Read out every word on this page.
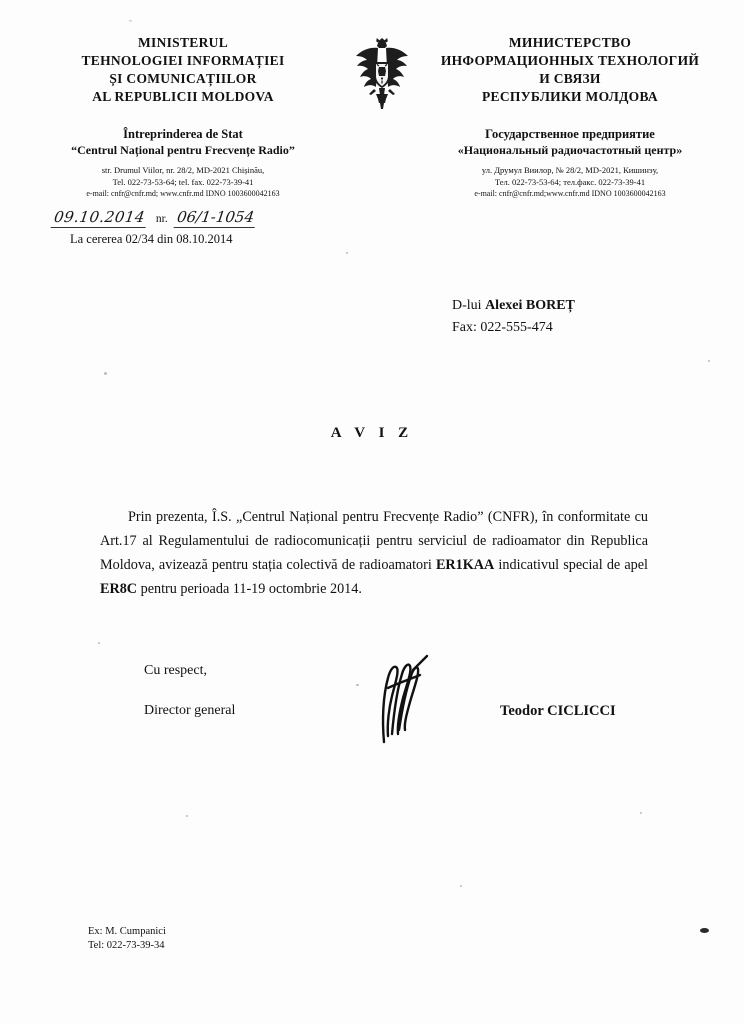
˜
MINISTERUL
TEHNOLOGIEI INFORMAȚIEI
ȘI COMUNICAȚIILOR
AL REPUBLICII MOLDOVA
Întreprinderea de Stat
“Centrul Național pentru Frecvențe Radio”
str. Drumul Viilor, nr. 28/2, MD-2021 Chișinău,
Tel. 022-73-53-64; tel. fax. 022-73-39-41
e-mail: cnfr@cnfr.md; www.cnfr.md IDNO 1003600042163
МИНИСТЕРСТВО
ИНФОРМАЦИОННЫХ ТЕХНОЛОГИЙ
И СВЯЗИ
РЕСПУБЛИКИ МОЛДОВА
Государственное предприятие
«Национальный радиочастотный центр»
ул. Друмул Виилор, № 28/2, MD-2021, Кишинэу,
Тел. 022-73-53-64; тел.факс. 022-73-39-41
e-mail: cnfr@cnfr.md;www.cnfr.md IDNO 1003600042163
09.10.2014 nr. 06/1-1054
La cererea 02/34 din 08.10.2014
D-lui Alexei BOREȚ
Fax: 022-555-474
A V I Z
Prin prezenta, Î.S. „Centrul Național pentru Frecvențe Radio” (CNFR), în conformitate cu Art.17 al Regulamentului de radiocomunicații pentru serviciul de radioamator din Republica Moldova, avizează pentru stația colectivă de radioamatori ER1KAA indicativul special de apel ER8C pentru perioada 11-19 octombrie 2014.
Cu respect,
Director general	Teodor CICLICCI
Ex: M. Cumpanici
Tel: 022-73-39-34
